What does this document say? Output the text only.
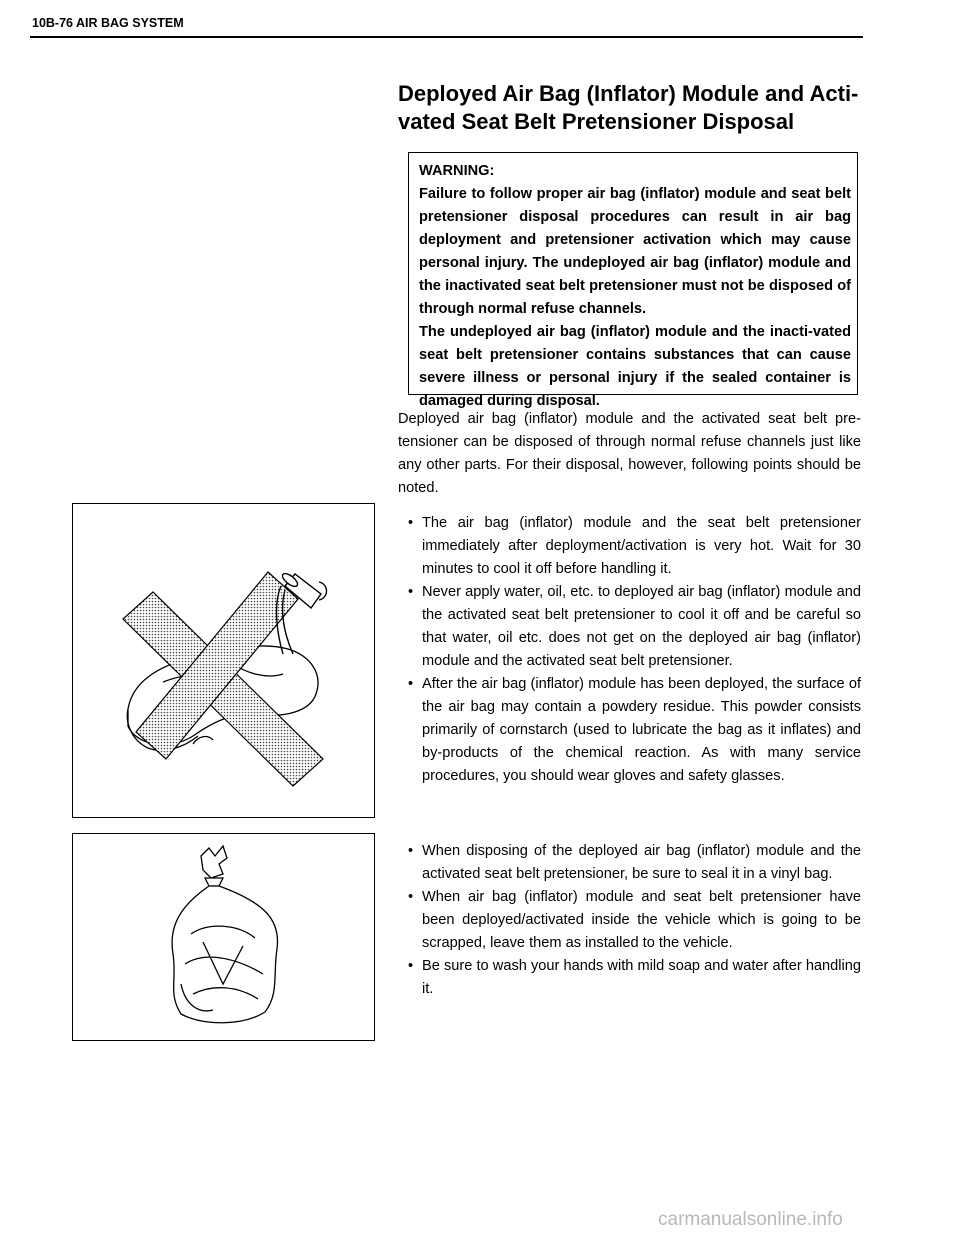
10B-76 AIR BAG SYSTEM
Deployed Air Bag (Inflator) Module and Acti-vated Seat Belt Pretensioner Disposal

WARNING:

Failure to follow proper air bag (inflator) module and seat belt pretensioner disposal procedures can result in air bag deployment and pretensioner activation which may cause personal injury. The undeployed air bag (inflator) module and the inactivated seat belt pretensioner must not be disposed of through normal refuse channels.

The undeployed air bag (inflator) module and the inacti-vated seat belt pretensioner contains substances that can cause severe illness or personal injury if the sealed container is damaged during disposal.

Deployed air bag (inflator) module and the activated seat belt pre-tensioner can be disposed of through normal refuse channels just like any other parts. For their disposal, however, following points should be noted.

• The air bag (inflator) module and the seat belt pretensioner immediately after deployment/activation is very hot. Wait for 30 minutes to cool it off before handling it.
• Never apply water, oil, etc. to deployed air bag (inflator) module and the activated seat belt pretensioner to cool it off and be careful so that water, oil etc. does not get on the deployed air bag (inflator) module and the activated seat belt pretensioner.
• After the air bag (inflator) module has been deployed, the surface of the air bag may contain a powdery residue. This powder consists primarily of cornstarch (used to lubricate the bag as it inflates) and by-products of the chemical reaction. As with many service procedures, you should wear gloves and safety glasses.
• When disposing of the deployed air bag (inflator) module and the activated seat belt pretensioner, be sure to seal it in a vinyl bag.
• When air bag (inflator) module and seat belt pretensioner have been deployed/activated inside the vehicle which is going to be scrapped, leave them as installed to the vehicle.
• Be sure to wash your hands with mild soap and water after handling it.
carmanualsonline.info
